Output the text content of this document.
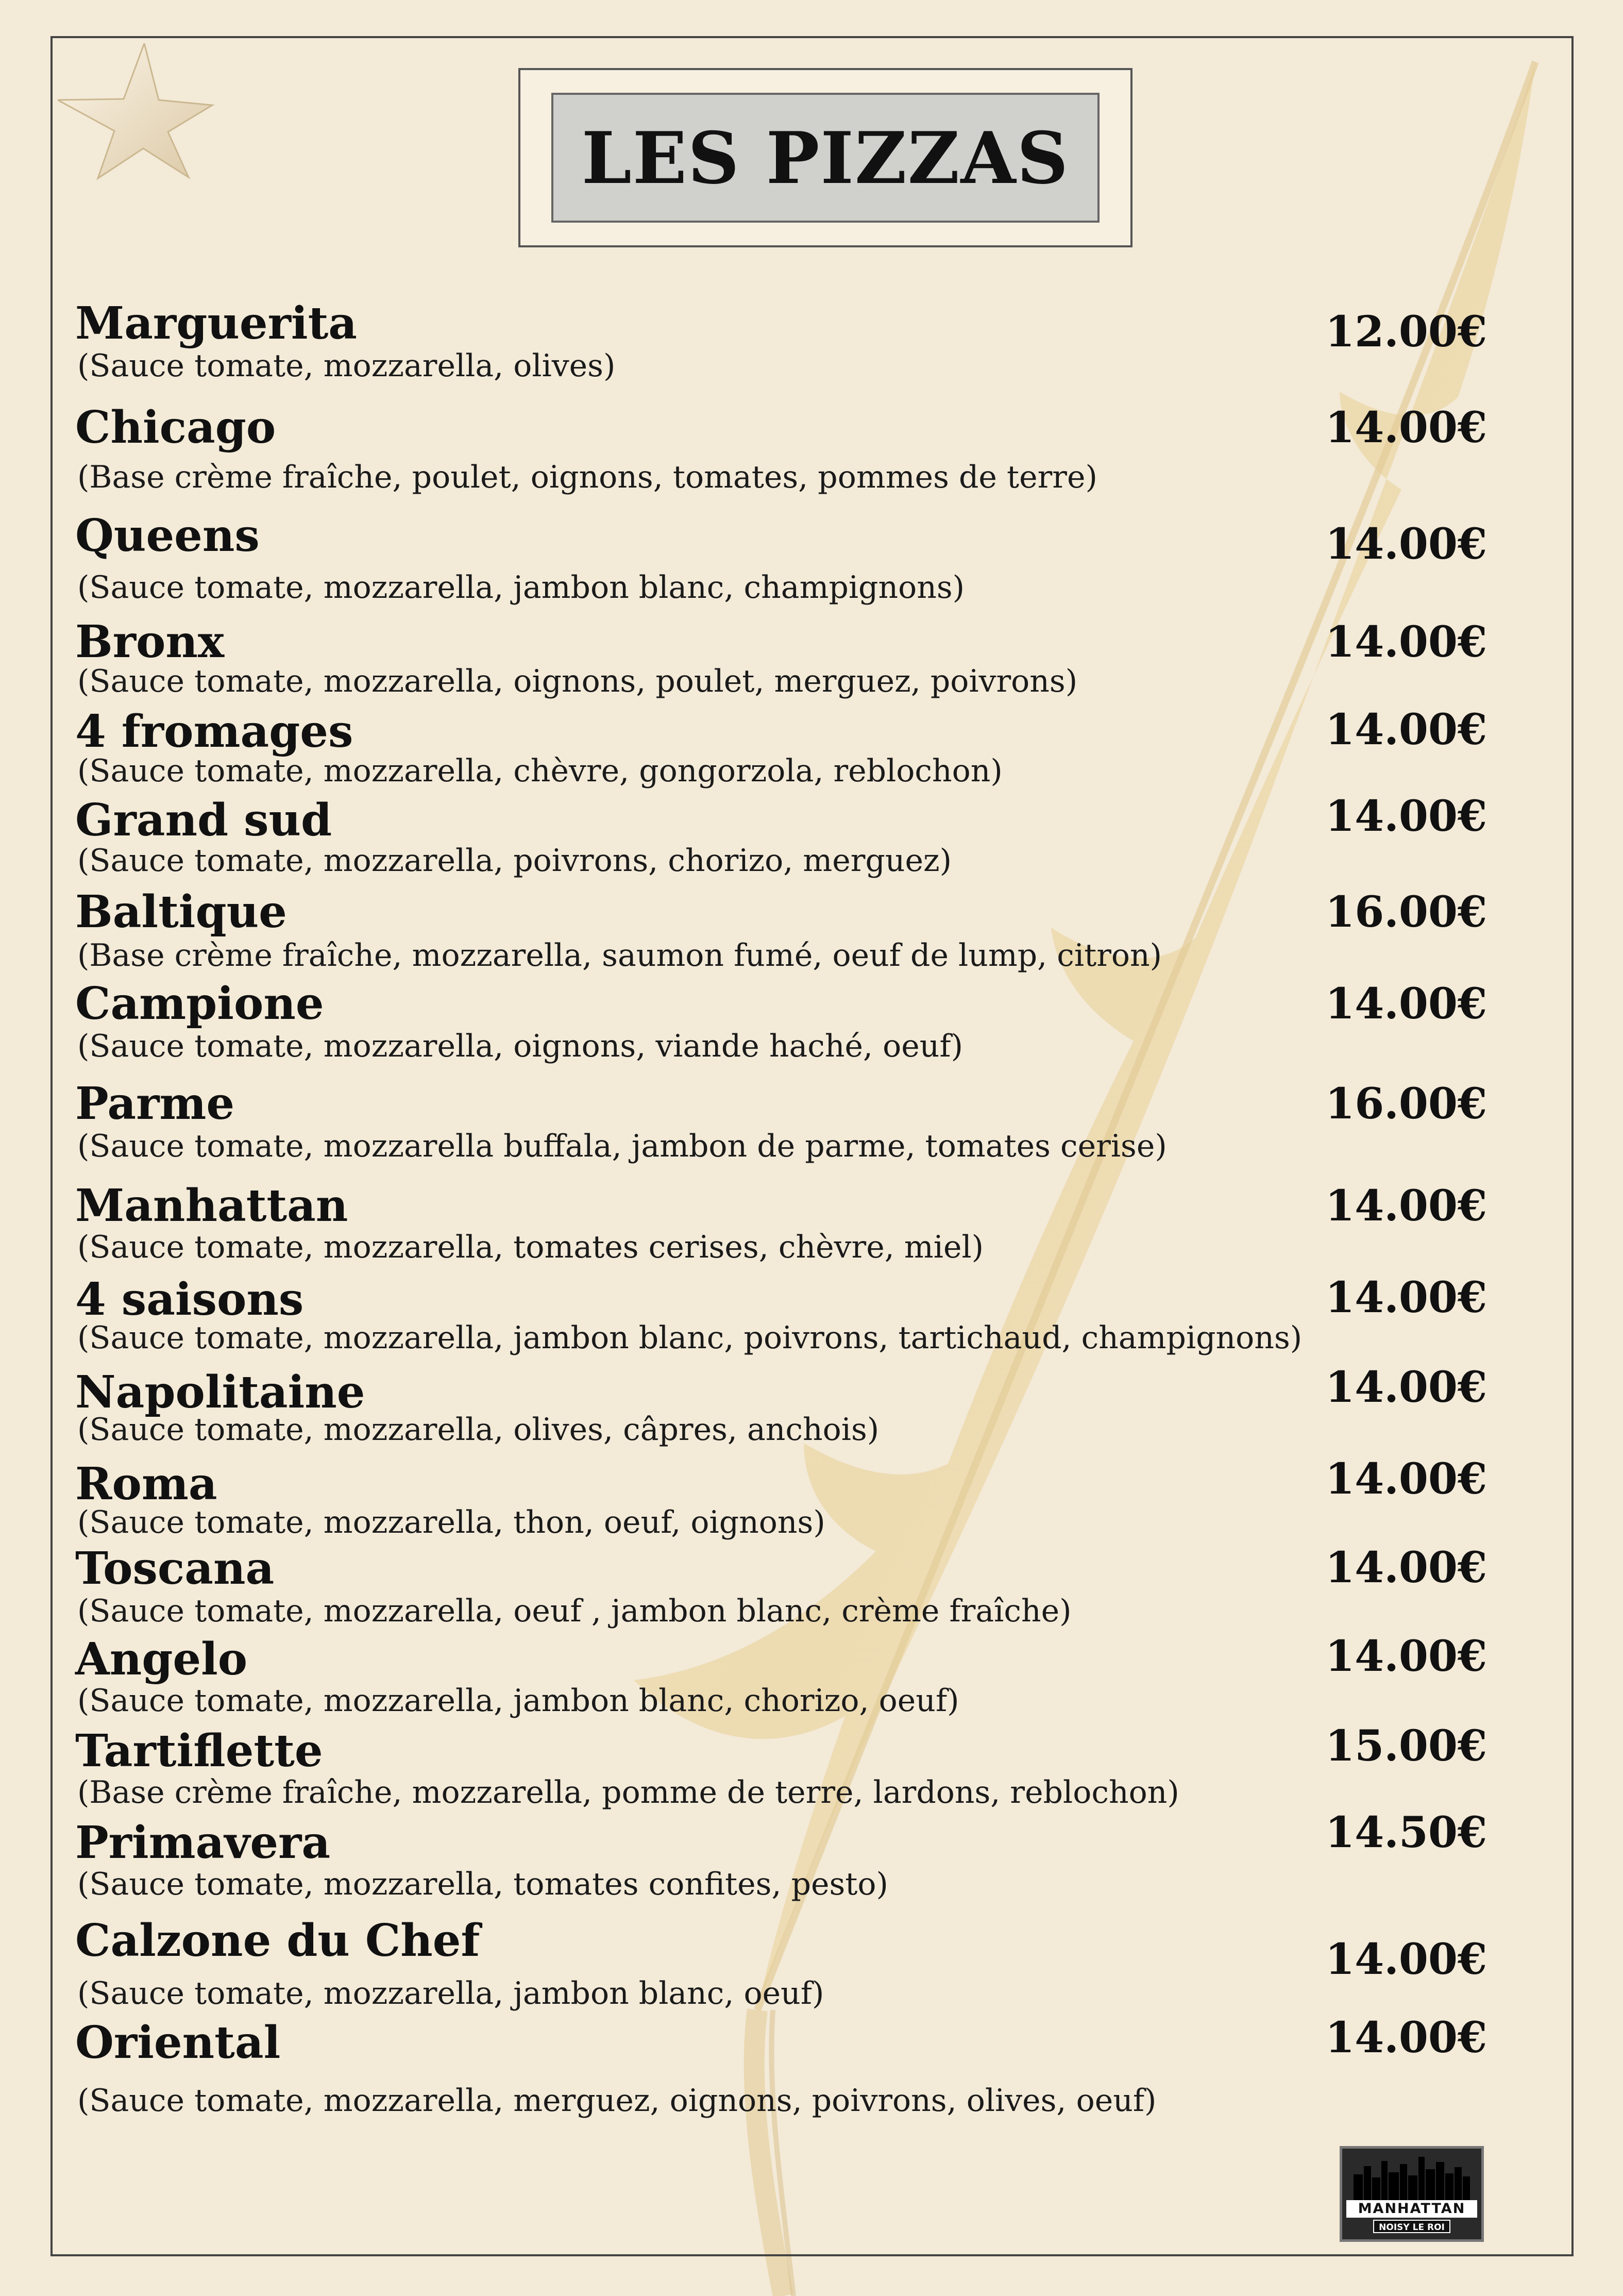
LES PIZZAS
Marguerita
(Sauce tomate, mozzarella, olives)
12.00€
Chicago
(Base crème fraîche, poulet, oignons, tomates, pommes de terre)
14.00€
Queens
(Sauce tomate, mozzarella, jambon blanc, champignons)
14.00€
Bronx
(Sauce tomate, mozzarella, oignons, poulet, merguez, poivrons)
14.00€
4 fromages
(Sauce tomate, mozzarella, chèvre, gongorzola, reblochon)
14.00€
Grand sud
(Sauce tomate, mozzarella, poivrons, chorizo, merguez)
14.00€
Baltique
(Base crème fraîche, mozzarella, saumon fumé, oeuf de lump, citron)
16.00€
Campione
(Sauce tomate, mozzarella, oignons, viande haché, oeuf)
14.00€
Parme
(Sauce tomate, mozzarella buffala, jambon de parme, tomates cerise)
16.00€
Manhattan
(Sauce tomate, mozzarella, tomates cerises, chèvre, miel)
14.00€
4 saisons
(Sauce tomate, mozzarella, jambon blanc, poivrons, tartichaud, champignons)
14.00€
Napolitaine
(Sauce tomate, mozzarella, olives, câpres, anchois)
14.00€
Roma
(Sauce tomate, mozzarella, thon, oeuf, oignons)
14.00€
Toscana
(Sauce tomate, mozzarella, oeuf , jambon blanc, crème fraîche)
14.00€
Angelo
(Sauce tomate, mozzarella, jambon blanc, chorizo, oeuf)
14.00€
Tartiflette
(Base crème fraîche, mozzarella, pomme de terre, lardons, reblochon)
15.00€
Primavera
(Sauce tomate, mozzarella, tomates confites, pesto)
14.50€
Calzone du Chef
(Sauce tomate, mozzarella, jambon blanc, oeuf)
14.00€
Oriental
(Sauce tomate, mozzarella, merguez, oignons, poivrons, olives, oeuf)
14.00€
MANHATTAN
NOISY LE ROI
